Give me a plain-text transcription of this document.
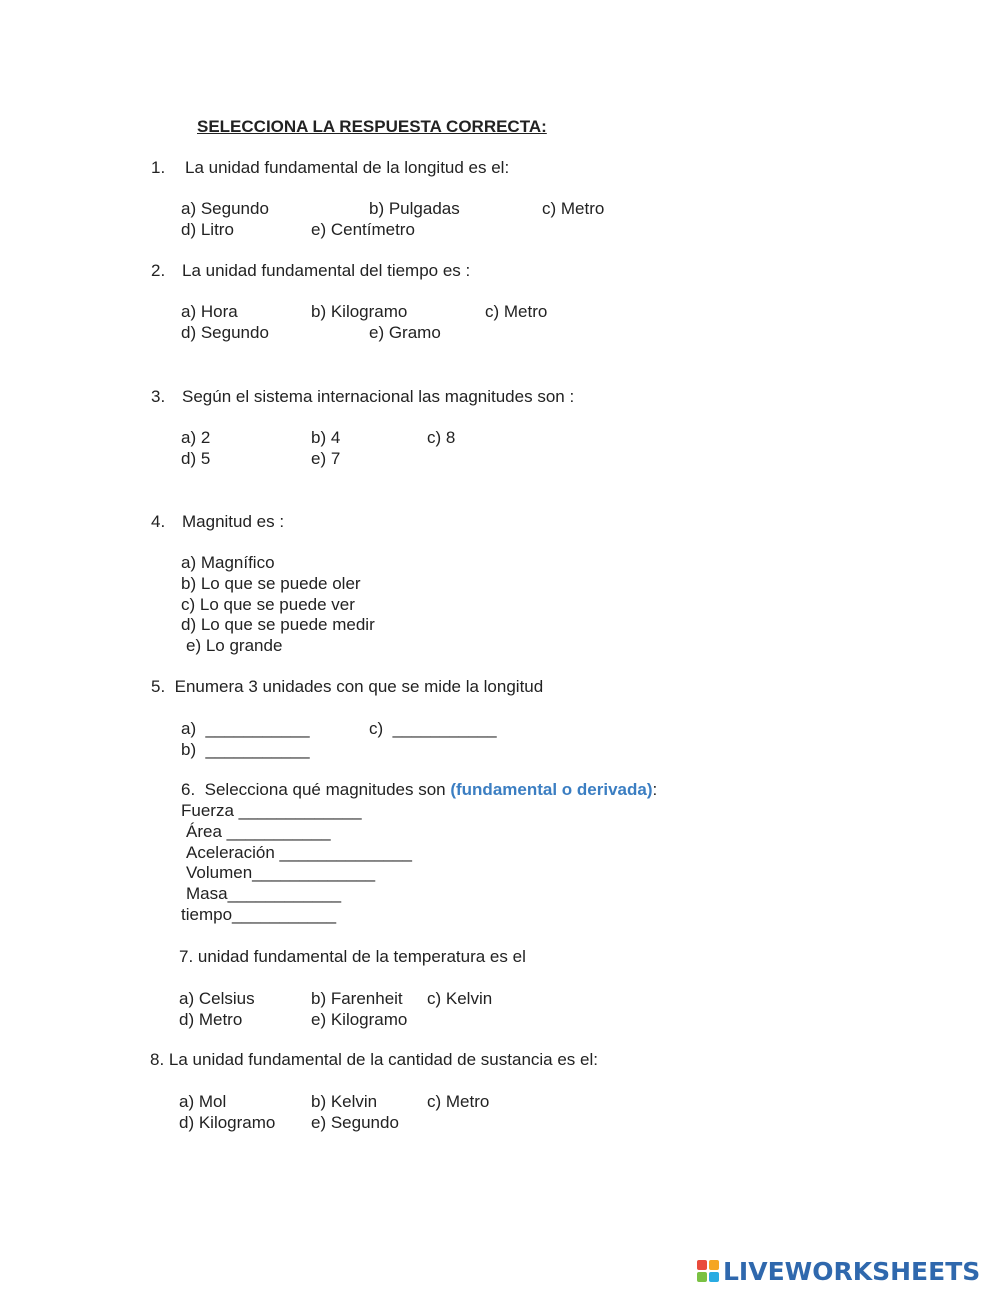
SELECCIONA LA RESPUESTA CORRECTA:
1. La unidad fundamental de la longitud es el:
a) Segundo	b) Pulgadas	c) Metro
d) Litro	e) Centímetro
2. La unidad fundamental del tiempo es :
a) Hora	b) Kilogramo	c) Metro
d) Segundo	e) Gramo
3. Según el sistema internacional las magnitudes son :
a) 2	b) 4	c) 8
d) 5	e) 7
4. Magnitud es :
a) Magnífico
b) Lo que se puede oler
c) Lo que se puede ver
d) Lo que se puede medir
e) Lo grande
5.  Enumera 3 unidades con que se mide la longitud
a)  ___________	c)  ___________
b)  ___________
6.  Selecciona qué magnitudes son (fundamental o derivada):
Fuerza _____________
Área ___________
Aceleración ______________
Volumen_____________
Masa____________
tiempo___________
7. unidad fundamental de la temperatura es el
a) Celsius	b) Farenheit c) Kelvin
d) Metro	e) Kilogramo
8. La unidad fundamental de la cantidad de sustancia es el:
a) Mol	b) Kelvin	c) Metro
d) Kilogramo e) Segundo
LIVEWORKSHEETS
